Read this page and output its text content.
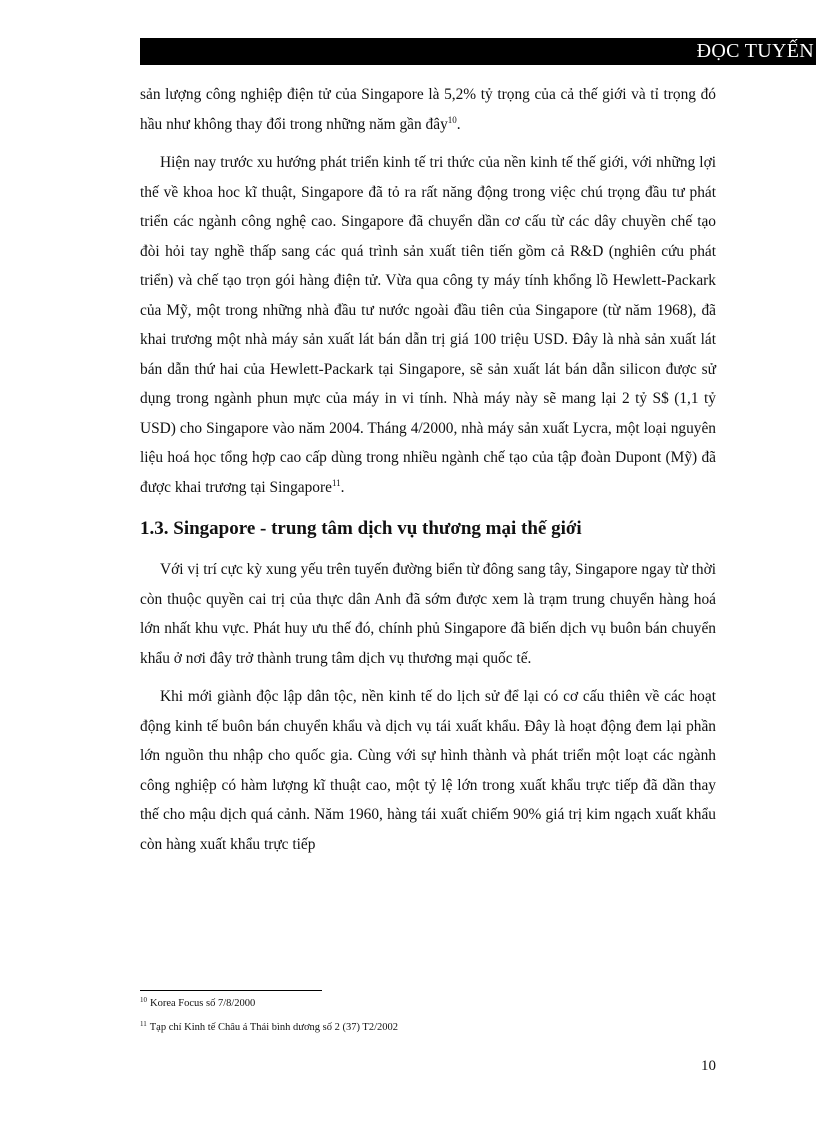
ĐỌC TUYẾN

sản lượng công nghiệp điện tử của Singapore là 5,2% tỷ trọng của cả thế giới và tỉ trọng đó hầu như không thay đổi trong những năm gần đây$^{10}$.

Hiện nay trước xu hướng phát triển kinh tế tri thức của nền kinh tế thế giới, với những lợi thế về khoa hoc kĩ thuật, Singapore đã tỏ ra rất năng động trong việc chú trọng đầu tư phát triển các ngành công nghệ cao. Singapore đã chuyển dần cơ cấu từ các dây chuyền chế tạo đòi hỏi tay nghề thấp sang các quá trình sản xuất tiên tiến gồm cả R&D (nghiên cứu phát triển) và chế tạo trọn gói hàng điện tử. Vừa qua công ty máy tính khổng lồ Hewlett-Packark của Mỹ, một trong những nhà đầu tư nước ngoài đầu tiên của Singapore (từ năm 1968), đã khai trương một nhà máy sản xuất lát bán dẫn trị giá 100 triệu USD. Đây là nhà sản xuất lát bán dẫn thứ hai của Hewlett-Packark tại Singapore, sẽ sản xuất lát bán dẫn silicon được sử dụng trong ngành phun mực của máy in vi tính. Nhà máy này sẽ mang lại 2 tỷ S$ (1,1 tỷ USD) cho Singapore vào năm 2004. Tháng 4/2000, nhà máy sản xuất Lycra, một loại nguyên liệu hoá học tổng hợp cao cấp dùng trong nhiều ngành chế tạo của tập đoàn Dupont (Mỹ) đã được khai trương tại Singapore$^{11}$.

1.3. Singapore - trung tâm dịch vụ thương mại thế giới

Với vị trí cực kỳ xung yếu trên tuyến đường biển từ đông sang tây, Singapore ngay từ thời còn thuộc quyền cai trị của thực dân Anh đã sớm được xem là trạm trung chuyển hàng hoá lớn nhất khu vực. Phát huy ưu thế đó, chính phủ Singapore đã biến dịch vụ buôn bán chuyển khẩu ở nơi đây trở thành trung tâm dịch vụ thương mại quốc tế.

Khi mới giành độc lập dân tộc, nền kinh tế do lịch sử để lại có cơ cấu thiên về các hoạt động kinh tế buôn bán chuyển khẩu và dịch vụ tái xuất khẩu. Đây là hoạt động đem lại phần lớn nguồn thu nhập cho quốc gia. Cùng với sự hình thành và phát triển một loạt các ngành công nghiệp có hàm lượng kĩ thuật cao, một tỷ lệ lớn trong xuất khẩu trực tiếp đã dần thay thế cho mậu dịch quá cảnh. Năm 1960, hàng tái xuất chiếm 90% giá trị kim ngạch xuất khẩu còn hàng xuất khẩu trực tiếp

$^{10}$ Korea Focus số 7/8/2000

$^{11}$ Tạp chí Kinh tế Châu á Thái bình dương số 2 (37) T2/2002

10
